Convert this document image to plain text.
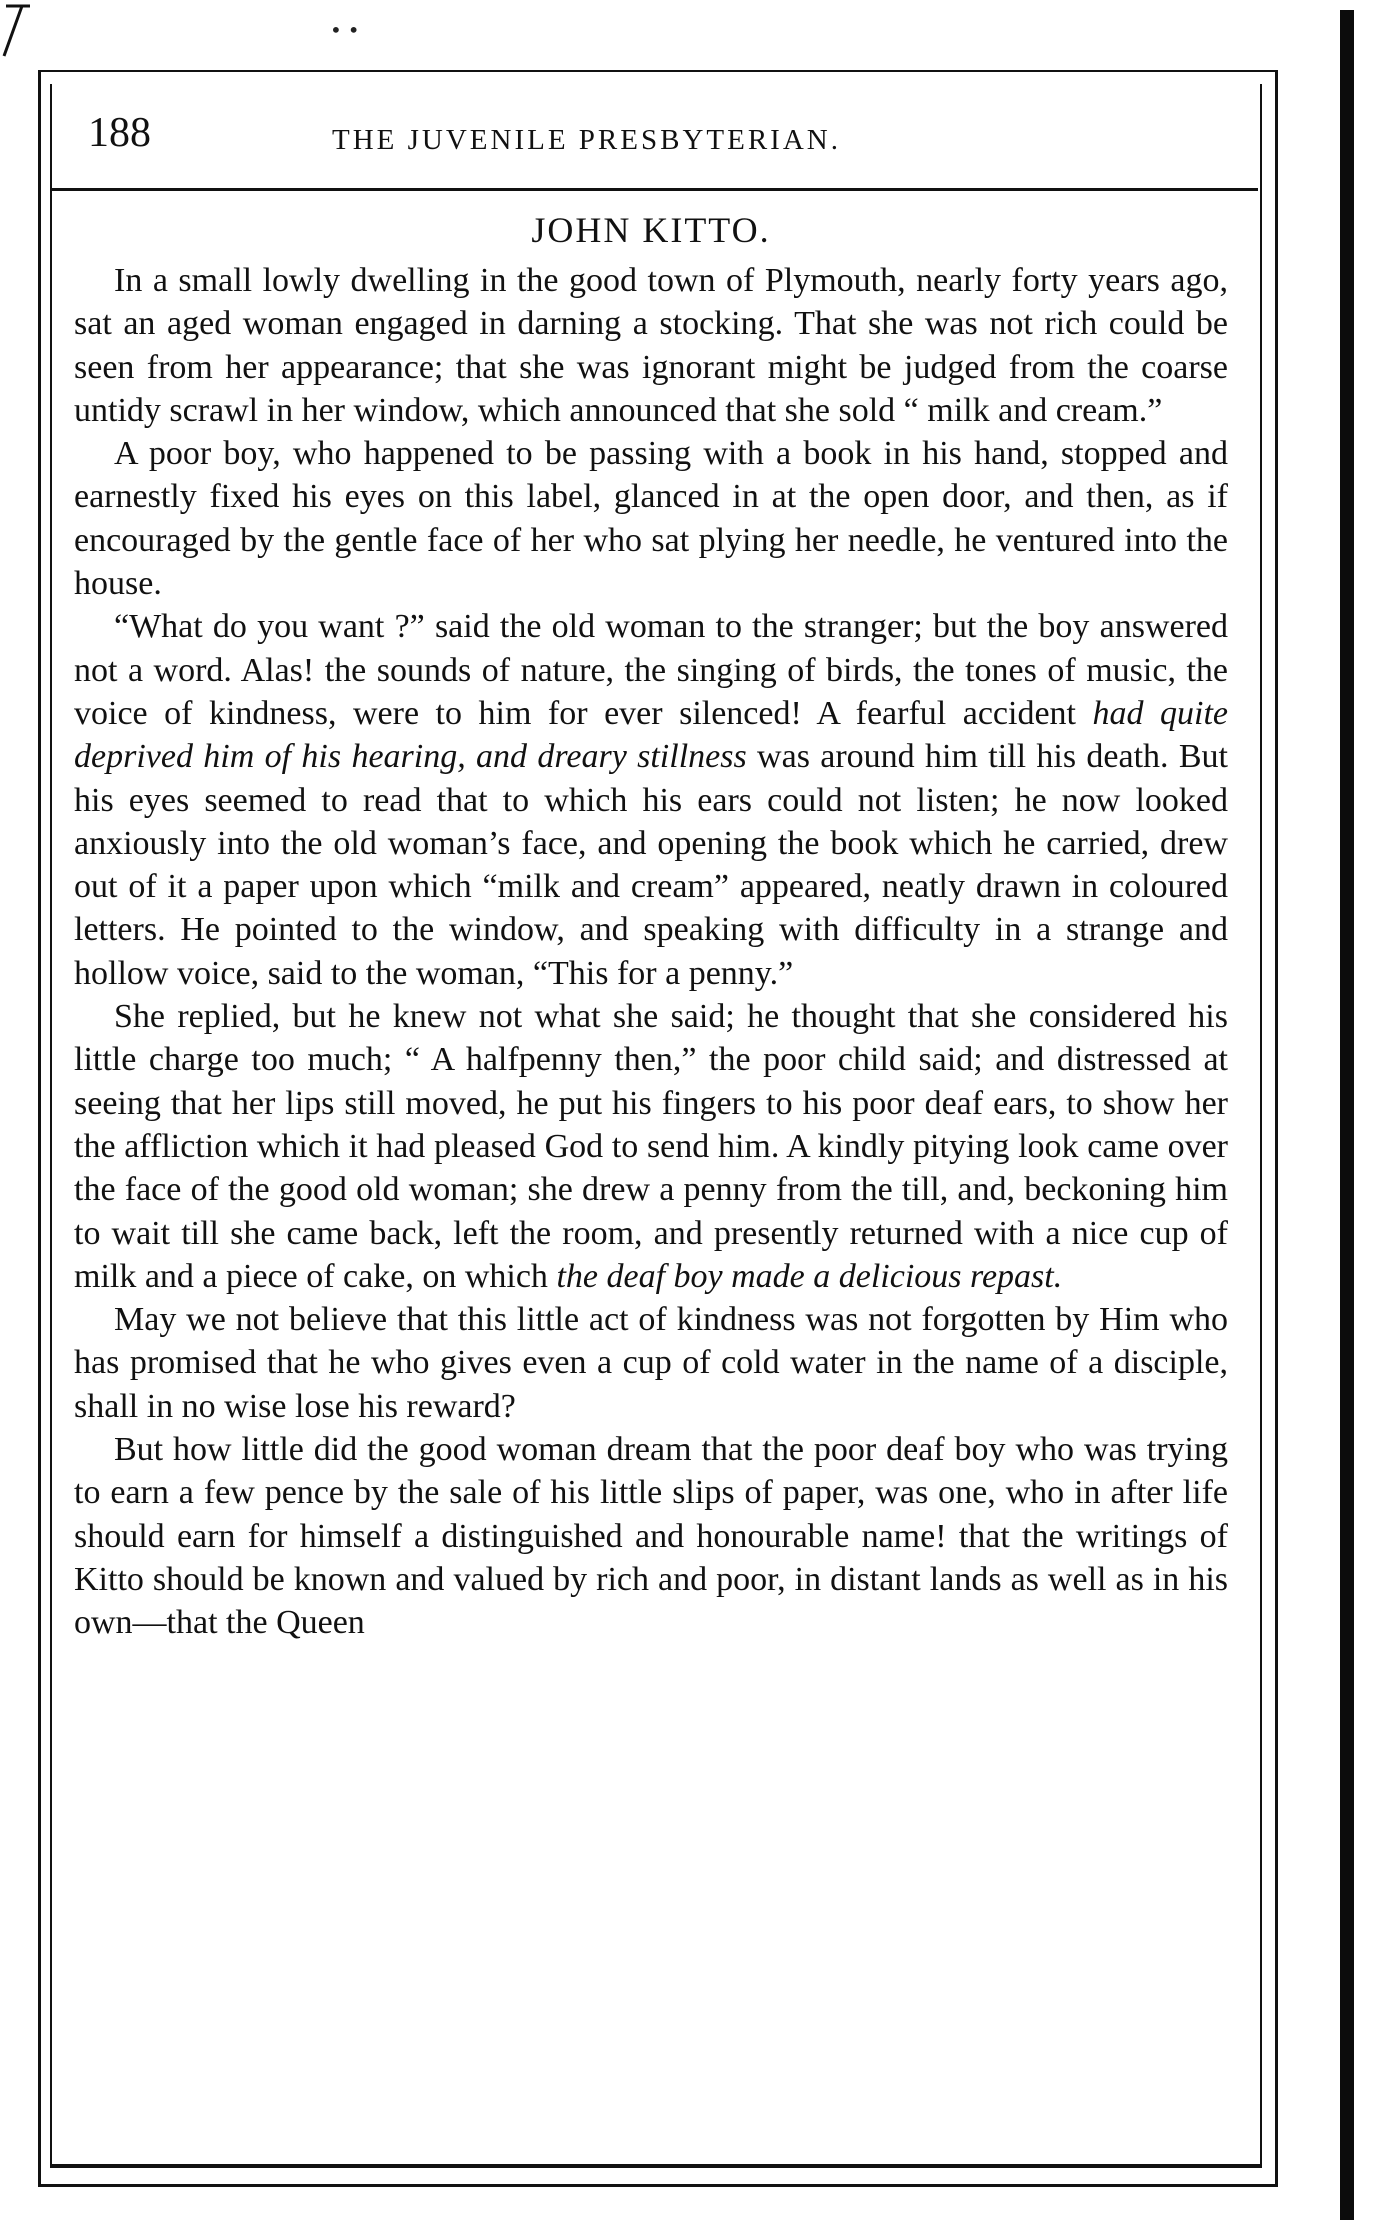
••
188	THE JUVENILE PRESBYTERIAN.
JOHN KITTO.

In a small lowly dwelling in the good town of Plymouth, nearly forty years ago, sat an aged woman engaged in darning a stocking. That she was not rich could be seen from her appearance; that she was ignorant might be judged from the coarse untidy scrawl in her window, which announced that she sold “ milk and cream.”

A poor boy, who happened to be passing with a book in his hand, stopped and earnestly fixed his eyes on this label, glanced in at the open door, and then, as if encouraged by the gentle face of her who sat plying her needle, he ventured into the house.

“What do you want ?” said the old woman to the stranger; but the boy answered not a word. Alas! the sounds of nature, the singing of birds, the tones of music, the voice of kindness, were to him for ever silenced! A fearful accident had quite deprived him of his hearing, and dreary stillness was around him till his death. But his eyes seemed to read that to which his ears could not listen; he now looked anxiously into the old woman’s face, and opening the book which he carried, drew out of it a paper upon which “milk and cream” appeared, neatly drawn in coloured letters. He pointed to the window, and speaking with difficulty in a strange and hollow voice, said to the woman, “This for a penny.”

She replied, but he knew not what she said; he thought that she considered his little charge too much; “ A halfpenny then,” the poor child said; and distressed at seeing that her lips still moved, he put his fingers to his poor deaf ears, to show her the affliction which it had pleased God to send him. A kindly pitying look came over the face of the good old woman; she drew a penny from the till, and, beckoning him to wait till she came back, left the room, and presently returned with a nice cup of milk and a piece of cake, on which the deaf boy made a delicious repast.

May we not believe that this little act of kindness was not forgotten by Him who has promised that he who gives even a cup of cold water in the name of a disciple, shall in no wise lose his reward?

But how little did the good woman dream that the poor deaf boy who was trying to earn a few pence by the sale of his little slips of paper, was one, who in after life should earn for himself a distinguished and honourable name! that the writings of Kitto should be known and valued by rich and poor, in distant lands as well as in his own—that the Queen
